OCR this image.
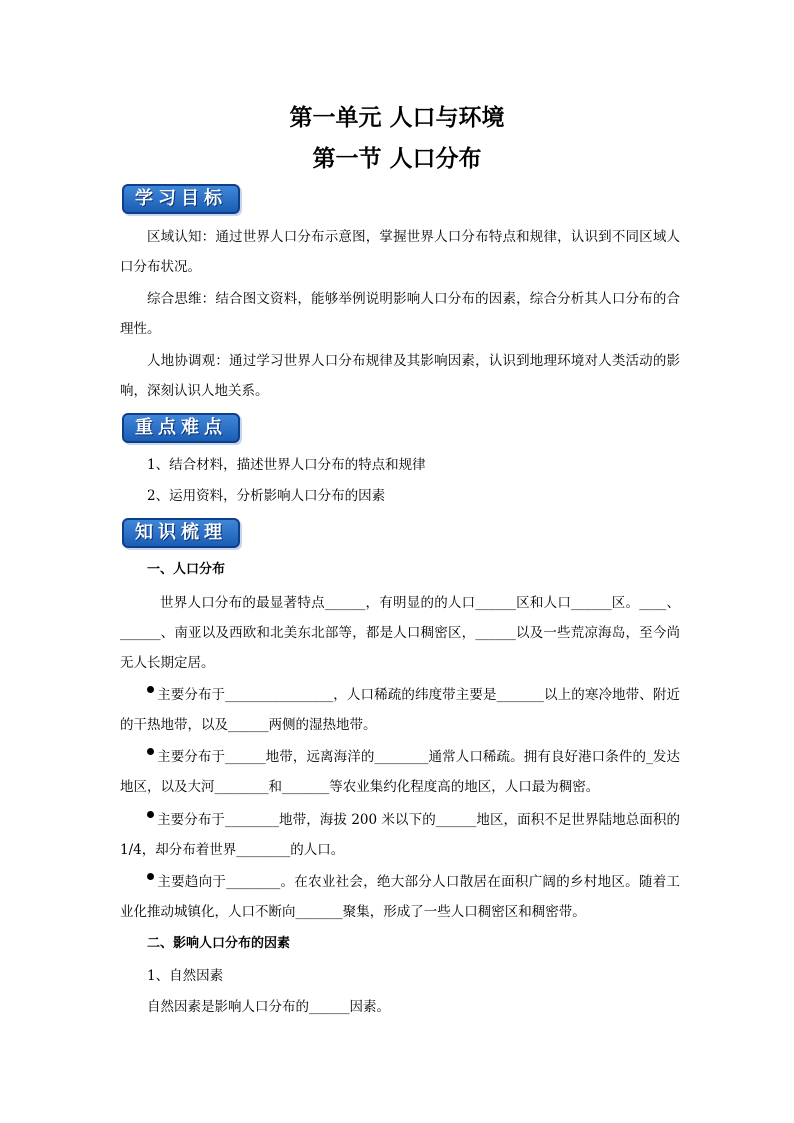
第一单元 人口与环境
第一节 人口分布
学习目标
区域认知：通过世界人口分布示意图，掌握世界人口分布特点和规律，认识到不同区域人口分布状况。
综合思维：结合图文资料，能够举例说明影响人口分布的因素，综合分析其人口分布的合理性。
人地协调观：通过学习世界人口分布规律及其影响因素，认识到地理环境对人类活动的影响，深刻认识人地关系。
重点难点
1、结合材料，描述世界人口分布的特点和规律
2、运用资料，分析影响人口分布的因素
知识梳理
一、人口分布
世界人口分布的最显著特点______，有明显的的人口______区和人口______区。____、______、南亚以及西欧和北美东北部等，都是人口稠密区，______以及一些荒凉海岛，至今尚无人长期定居。
主要分布于________________，人口稀疏的纬度带主要是_______以上的寒冷地带、附近的干热地带，以及______两侧的湿热地带。
主要分布于______地带，远离海洋的________通常人口稀疏。拥有良好港口条件的_发达地区，以及大河________和_______等农业集约化程度高的地区，人口最为稠密。
主要分布于________地带，海拔 200 米以下的______地区，面积不足世界陆地总面积的 1/4，却分布着世界________的人口。
主要趋向于________。在农业社会，绝大部分人口散居在面积广阔的乡村地区。随着工业化推动城镇化，人口不断向_______聚集，形成了一些人口稠密区和稠密带。
二、影响人口分布的因素
1、自然因素
自然因素是影响人口分布的______因素。
